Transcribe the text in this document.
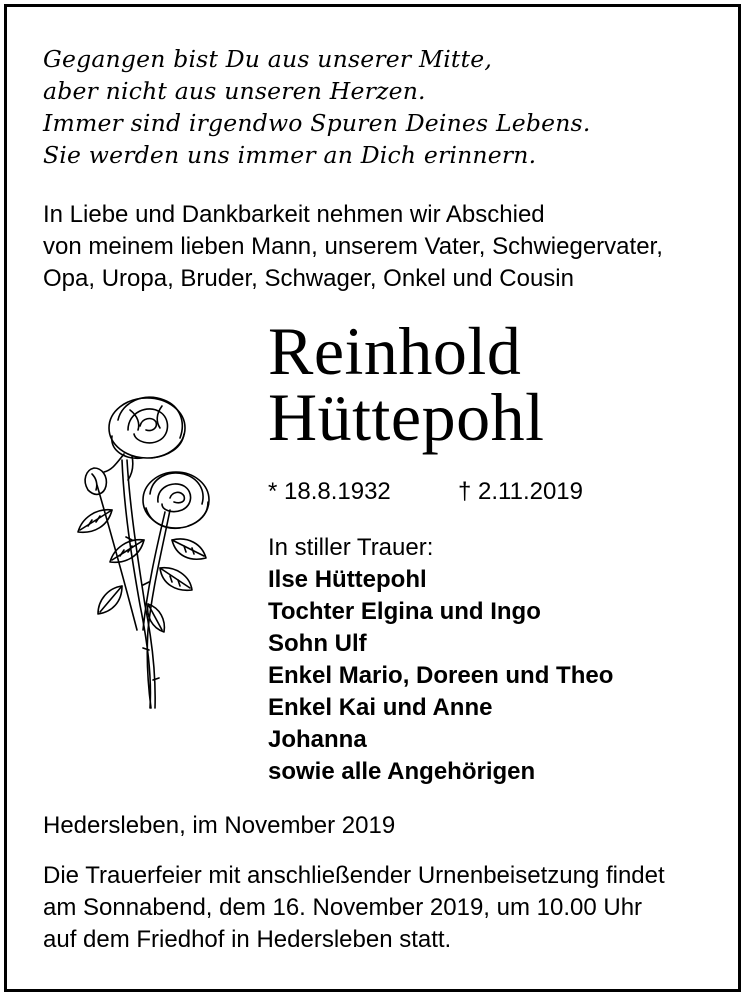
Gegangen bist Du aus unserer Mitte,
aber nicht aus unseren Herzen.
Immer sind irgendwo Spuren Deines Lebens.
Sie werden uns immer an Dich erinnern.
In Liebe und Dankbarkeit nehmen wir Abschied
von meinem lieben Mann, unserem Vater, Schwiegervater,
Opa, Uropa, Bruder, Schwager, Onkel und Cousin
Reinhold
Hüttepohl
* 18.8.1932	† 2.11.2019
In stiller Trauer:
Ilse Hüttepohl
Tochter Elgina und Ingo
Sohn Ulf
Enkel Mario, Doreen und Theo
Enkel Kai und Anne
Johanna
sowie alle Angehörigen
Hedersleben, im November 2019
Die Trauerfeier mit anschließender Urnenbeisetzung findet
am Sonnabend, dem 16. November 2019, um 10.00 Uhr
auf dem Friedhof in Hedersleben statt.
